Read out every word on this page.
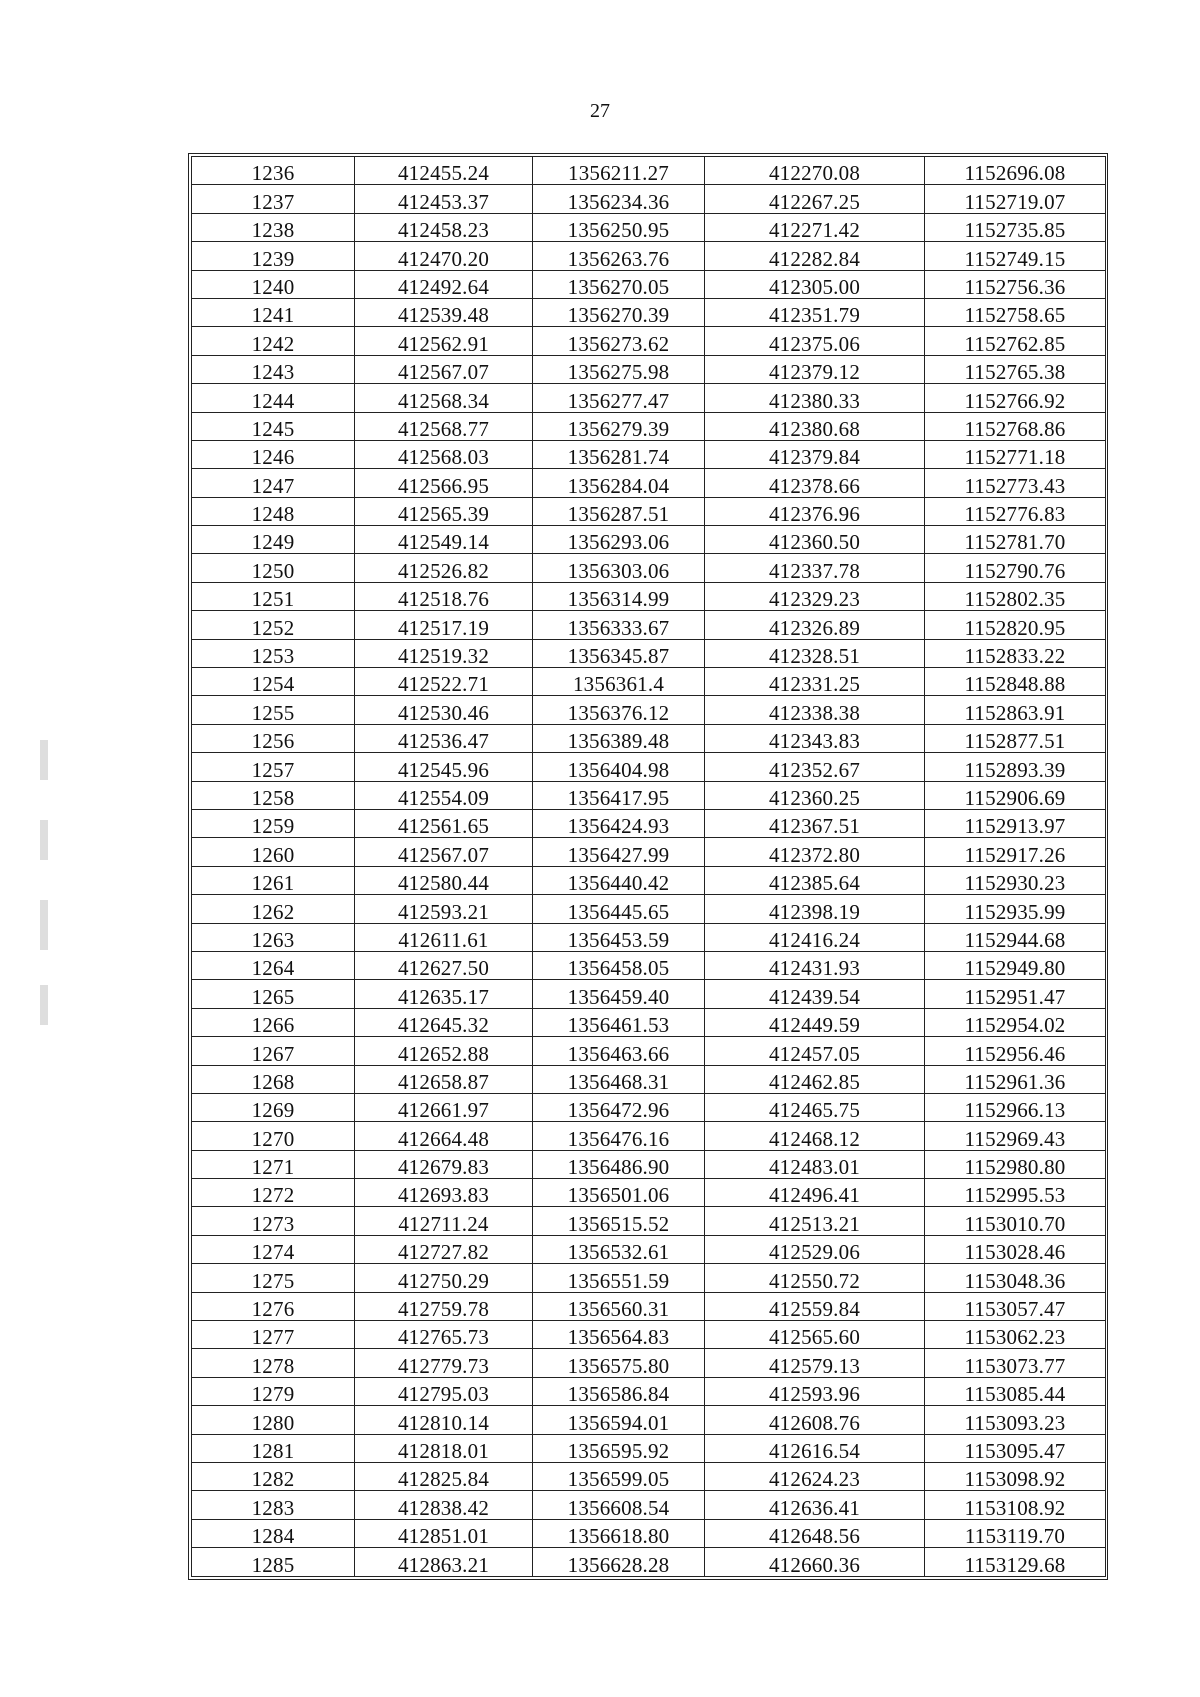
27
1236	412455.24	1356211.27	412270.08	1152696.08
1237	412453.37	1356234.36	412267.25	1152719.07
1238	412458.23	1356250.95	412271.42	1152735.85
1239	412470.20	1356263.76	412282.84	1152749.15
1240	412492.64	1356270.05	412305.00	1152756.36
1241	412539.48	1356270.39	412351.79	1152758.65
1242	412562.91	1356273.62	412375.06	1152762.85
1243	412567.07	1356275.98	412379.12	1152765.38
1244	412568.34	1356277.47	412380.33	1152766.92
1245	412568.77	1356279.39	412380.68	1152768.86
1246	412568.03	1356281.74	412379.84	1152771.18
1247	412566.95	1356284.04	412378.66	1152773.43
1248	412565.39	1356287.51	412376.96	1152776.83
1249	412549.14	1356293.06	412360.50	1152781.70
1250	412526.82	1356303.06	412337.78	1152790.76
1251	412518.76	1356314.99	412329.23	1152802.35
1252	412517.19	1356333.67	412326.89	1152820.95
1253	412519.32	1356345.87	412328.51	1152833.22
1254	412522.71	1356361.4	412331.25	1152848.88
1255	412530.46	1356376.12	412338.38	1152863.91
1256	412536.47	1356389.48	412343.83	1152877.51
1257	412545.96	1356404.98	412352.67	1152893.39
1258	412554.09	1356417.95	412360.25	1152906.69
1259	412561.65	1356424.93	412367.51	1152913.97
1260	412567.07	1356427.99	412372.80	1152917.26
1261	412580.44	1356440.42	412385.64	1152930.23
1262	412593.21	1356445.65	412398.19	1152935.99
1263	412611.61	1356453.59	412416.24	1152944.68
1264	412627.50	1356458.05	412431.93	1152949.80
1265	412635.17	1356459.40	412439.54	1152951.47
1266	412645.32	1356461.53	412449.59	1152954.02
1267	412652.88	1356463.66	412457.05	1152956.46
1268	412658.87	1356468.31	412462.85	1152961.36
1269	412661.97	1356472.96	412465.75	1152966.13
1270	412664.48	1356476.16	412468.12	1152969.43
1271	412679.83	1356486.90	412483.01	1152980.80
1272	412693.83	1356501.06	412496.41	1152995.53
1273	412711.24	1356515.52	412513.21	1153010.70
1274	412727.82	1356532.61	412529.06	1153028.46
1275	412750.29	1356551.59	412550.72	1153048.36
1276	412759.78	1356560.31	412559.84	1153057.47
1277	412765.73	1356564.83	412565.60	1153062.23
1278	412779.73	1356575.80	412579.13	1153073.77
1279	412795.03	1356586.84	412593.96	1153085.44
1280	412810.14	1356594.01	412608.76	1153093.23
1281	412818.01	1356595.92	412616.54	1153095.47
1282	412825.84	1356599.05	412624.23	1153098.92
1283	412838.42	1356608.54	412636.41	1153108.92
1284	412851.01	1356618.80	412648.56	1153119.70
1285	412863.21	1356628.28	412660.36	1153129.68
